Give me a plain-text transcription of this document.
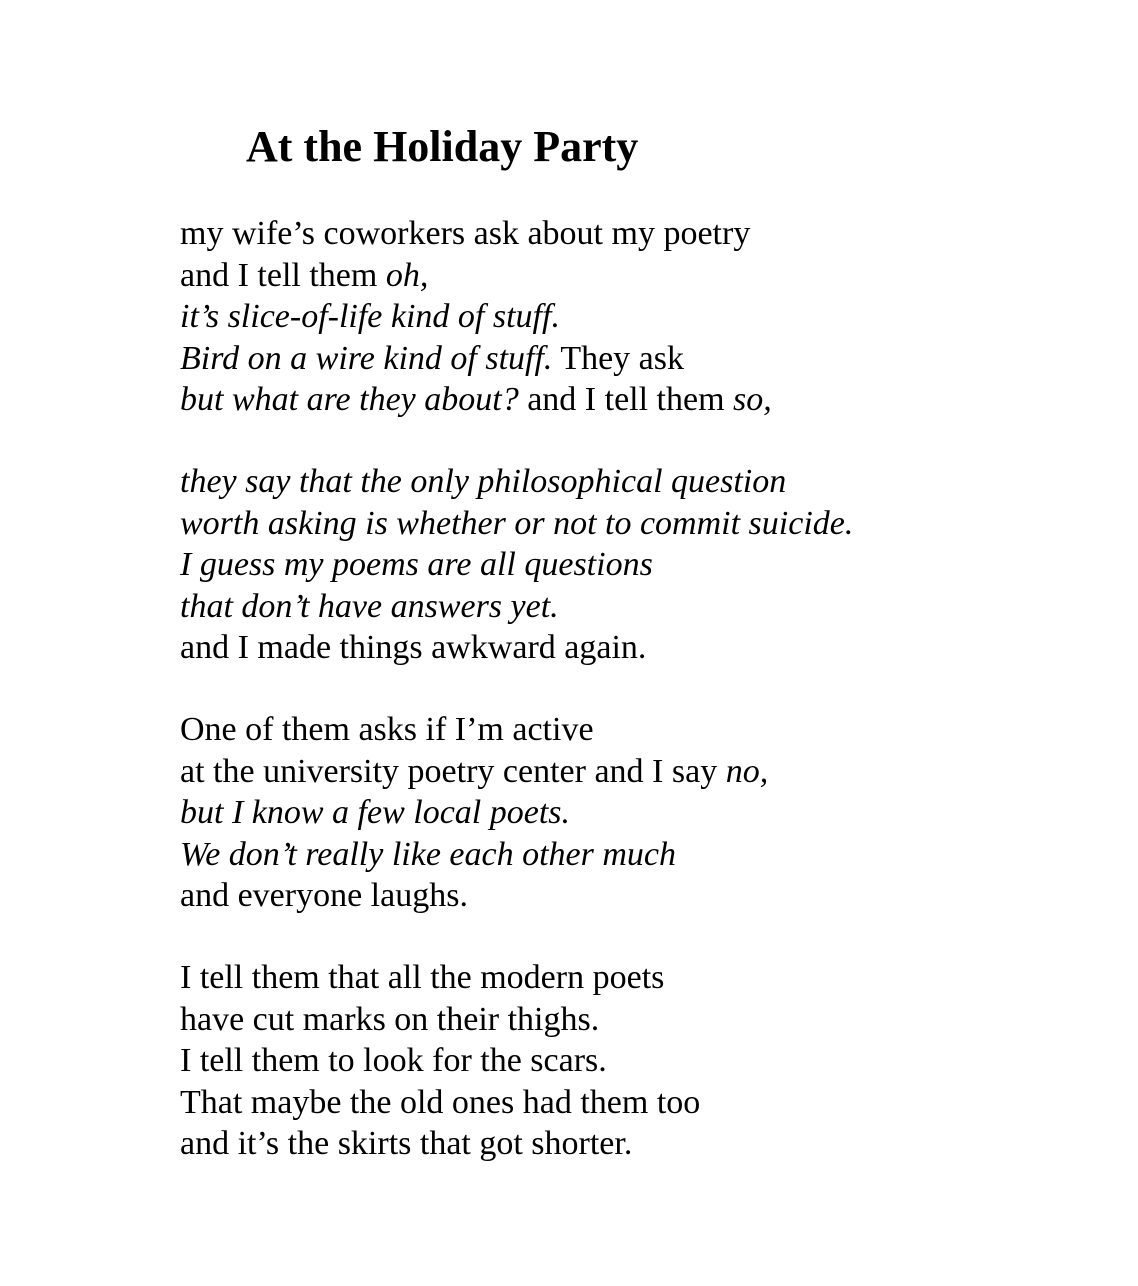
At the Holiday Party
my wife’s coworkers ask about my poetry
and I tell them oh,
it’s slice-of-life kind of stuff.
Bird on a wire kind of stuff. They ask
but what are they about? and I tell them so,
they say that the only philosophical question
worth asking is whether or not to commit suicide.
I guess my poems are all questions
that don’t have answers yet.
and I made things awkward again.
One of them asks if I’m active
at the university poetry center and I say no,
but I know a few local poets.
We don’t really like each other much
and everyone laughs.
I tell them that all the modern poets
have cut marks on their thighs.
I tell them to look for the scars.
That maybe the old ones had them too
and it’s the skirts that got shorter.
